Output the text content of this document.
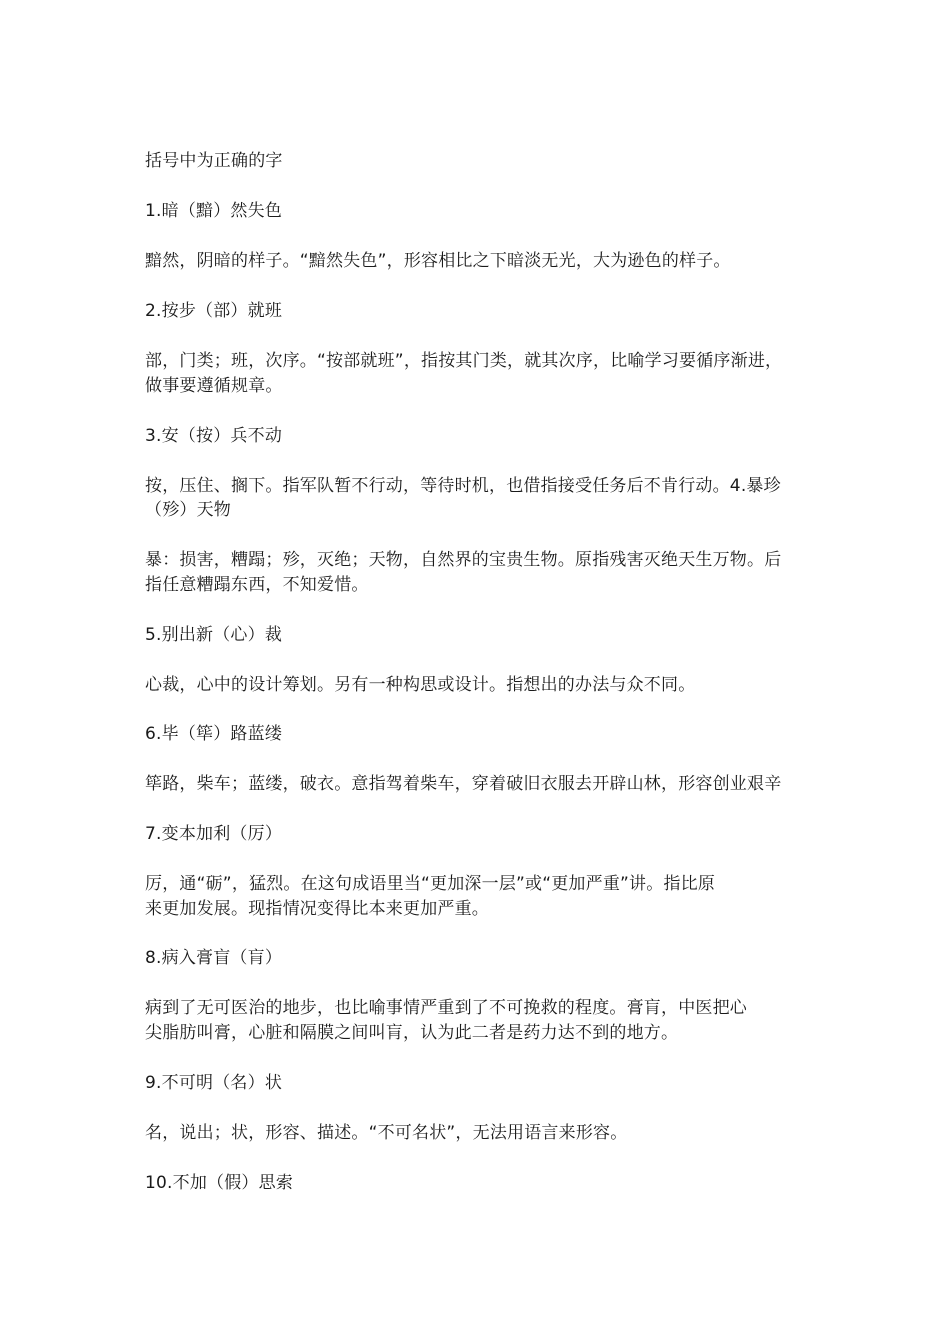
括号中为正确的字
1.暗（黯）然失色
黯然，阴暗的样子。“黯然失色”，形容相比之下暗淡无光，大为逊色的样子。
2.按步（部）就班
部，门类；班，次序。“按部就班”，指按其门类，就其次序，比喻学习要循序渐进，
做事要遵循规章。
3.安（按）兵不动
按，压住、搁下。指军队暂不行动，等待时机，也借指接受任务后不肯行动。4.暴珍
（殄）天物
暴：损害，糟蹋；殄，灭绝；天物，自然界的宝贵生物。原指残害灭绝天生万物。后
指任意糟蹋东西，不知爱惜。
5.别出新（心）裁
心裁，心中的设计筹划。另有一种构思或设计。指想出的办法与众不同。
6.毕（筚）路蓝缕
筚路，柴车；蓝缕，破衣。意指驾着柴车，穿着破旧衣服去开辟山林，形容创业艰辛
7.变本加利（厉）
厉，通“砺”，猛烈。在这句成语里当“更加深一层”或“更加严重”讲。指比原
来更加发展。现指情况变得比本来更加严重。
8.病入膏盲（肓）
病到了无可医治的地步，也比喻事情严重到了不可挽救的程度。膏肓，中医把心
尖脂肪叫膏，心脏和隔膜之间叫肓，认为此二者是药力达不到的地方。
9.不可明（名）状
名，说出；状，形容、描述。“不可名状”，无法用语言来形容。
10.不加（假）思索
